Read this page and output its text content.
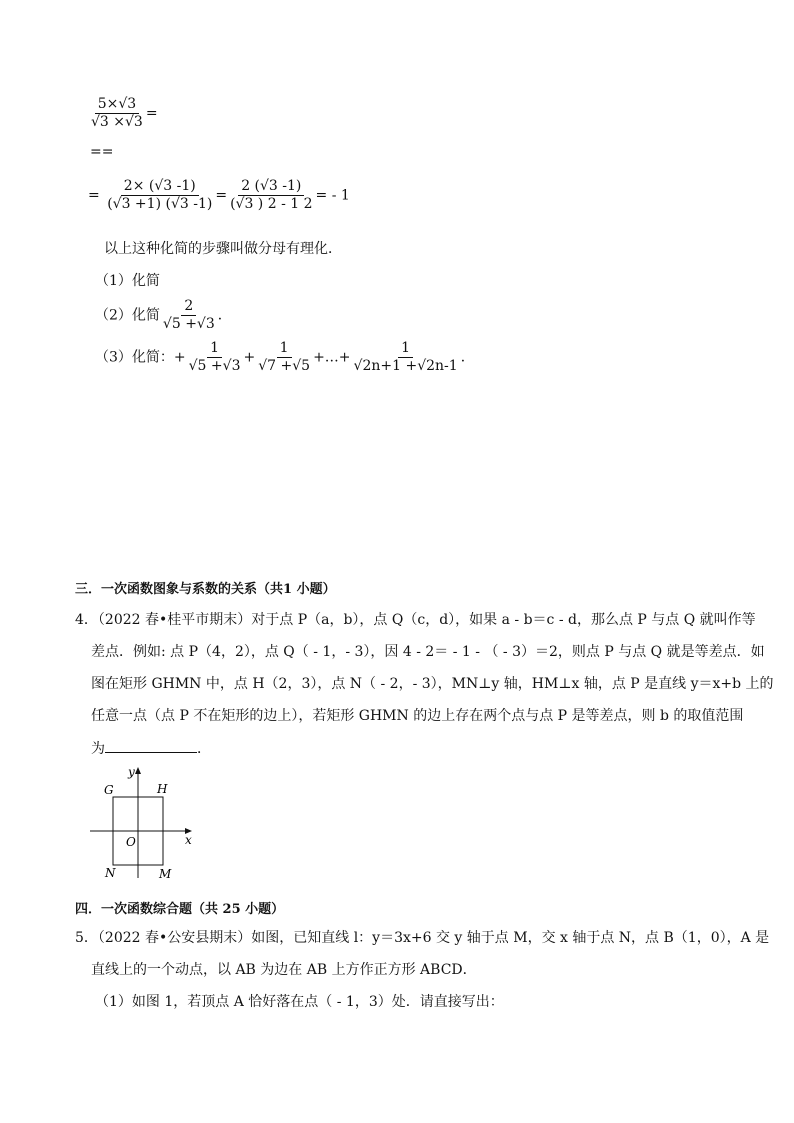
$\frac{5\times√3}{√3 \times√3}$ =
==
= $\frac{2\times (√3 -1)}{(√3 +1) (√3 -1)} = \frac{2 (√3 -1)}{(√3 ) 2 - 1 2}$ = - 1
以上这种化简的步骤叫做分母有理化．
（1）化简
（2）化简 $\frac{2}{√5 +√3}$ ．
（3）化简：+ $\frac{1}{√5 +√3} + \frac{1}{√7 +√5}$ +…+ $\frac{1}{√2n+1 +√2n-1}$ ．
三．一次函数图象与系数的关系（共1 小题）
4．（2022 春•桂平市期末）对于点 P（a，b），点 Q（c，d），如果 a - b＝c - d，那么点 P 与点 Q 就叫作等
差点．例如: 点 P（4，2），点 Q（ - 1，- 3），因 4 - 2＝ - 1 - （ - 3）＝2，则点 P 与点 Q 就是等差点．如
图在矩形 GHMN 中，点 H（2，3），点 N（ - 2，- 3），MN⊥y 轴，HM⊥x 轴，点 P 是直线 y＝x+b 上的
任意一点（点 P 不在矩形的边上），若矩形 GHMN 的边上存在两个点与点 P 是等差点，则 b 的取值范围
为	．
G	H
N	M
O	x
y
四．一次函数综合题（共 25 小题）
5．（2022 春•公安县期末）如图，已知直线 l：y＝3x+6 交 y 轴于点 M，交 x 轴于点 N，点 B（1，0），A 是
直线上的一个动点，以 AB 为边在 AB 上方作正方形 ABCD．
（1）如图 1，若顶点 A 恰好落在点（ - 1，3）处．请直接写出：
